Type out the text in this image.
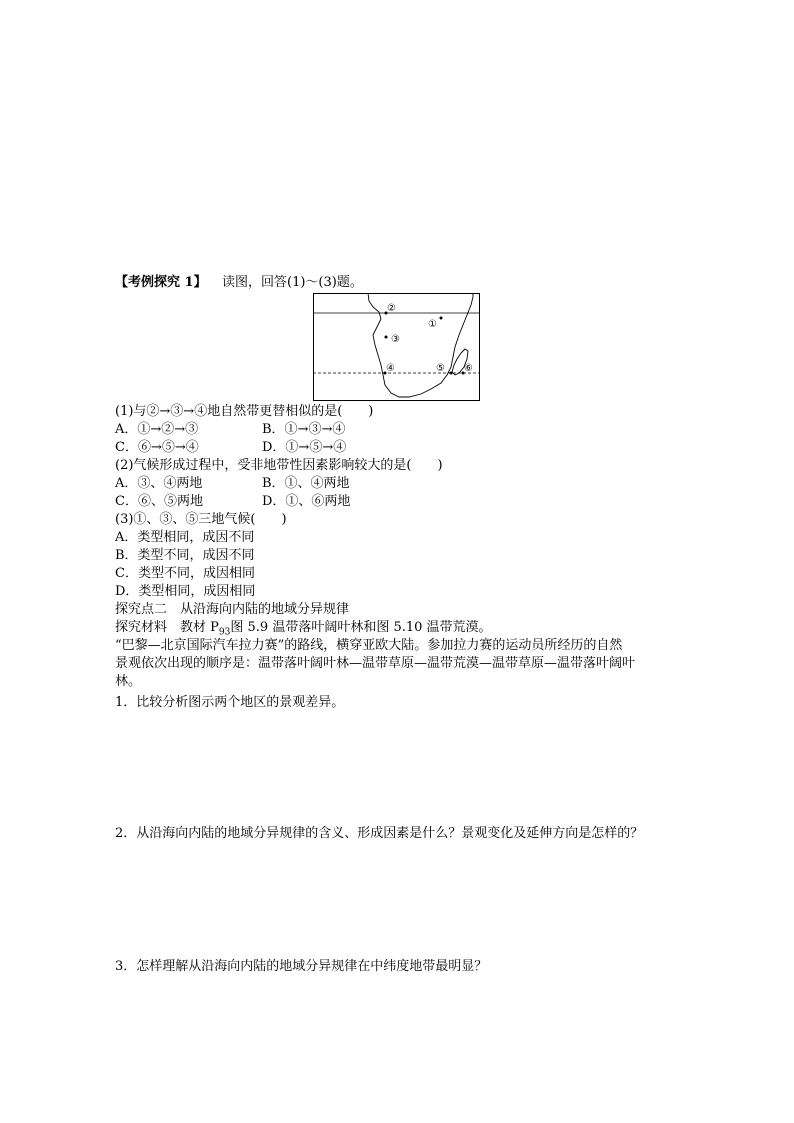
【考例探究 1】 读图，回答(1)～(3)题。
②
①
③
④	⑤ ⑥
(1)与②→③→④地自然带更替相似的是(　　)
A．①→②→③	B．①→③→④
C．⑥→⑤→④	D．①→⑤→④
(2)气候形成过程中，受非地带性因素影响较大的是(　　)
A．③、④两地	B．①、④两地
C．⑥、⑤两地	D．①、⑥两地
(3)①、③、⑤三地气候(　　)
A．类型相同，成因不同
B．类型不同，成因不同
C．类型不同，成因相同
D．类型相同，成因相同
探究点二　从沿海向内陆的地域分异规律
探究材料　 教材 $P_{93}$图 5.9 温带落叶阔叶林和图 5.10 温带荒漠。
“巴黎—北京国际汽车拉力赛”的路线，横穿亚欧大陆。参加拉力赛的运动员所经历的自然
景观依次出现的顺序是：温带落叶阔叶林—温带草原—温带荒漠—温带草原—温带落叶阔叶
林。
1．比较分析图示两个地区的景观差异。
2．从沿海向内陆的地域分异规律的含义、形成因素是什么？景观变化及延伸方向是怎样的？
3．怎样理解从沿海向内陆的地域分异规律在中纬度地带最明显？
